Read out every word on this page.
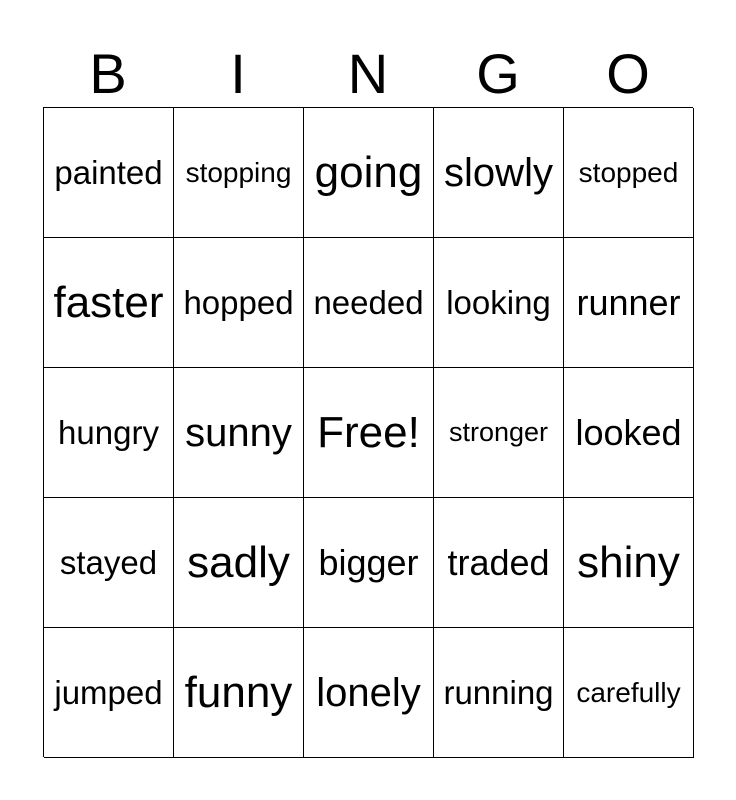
B	I	N	G	O
painted stopping going slowly stopped
faster hopped needed looking runner
hungry sunny Free! stronger looked
stayed sadly bigger traded shiny
jumped funny lonely running carefully
